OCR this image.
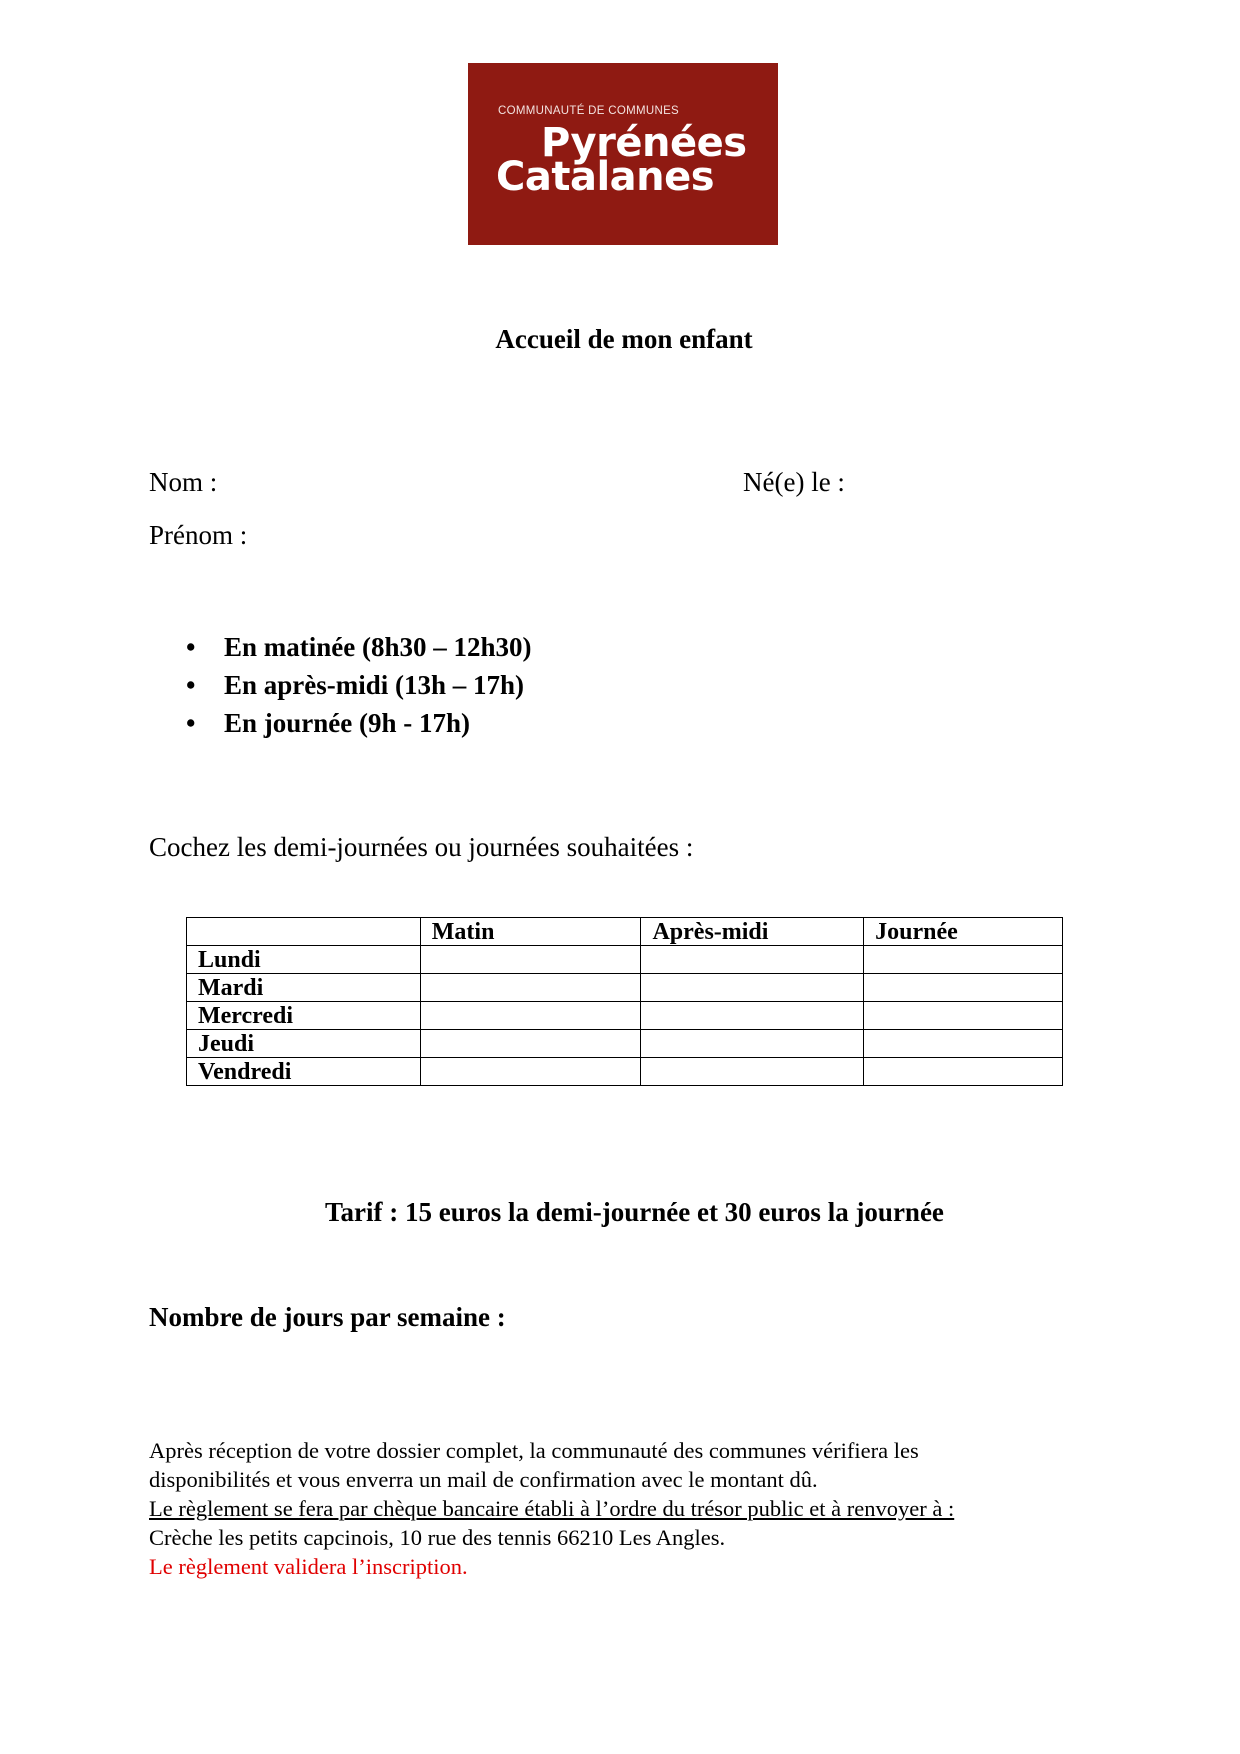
COMMUNAUTÉ DE COMMUNES
Pyrénées
Catalanes
Accueil de mon enfant
Nom :	Né(e) le :
Prénom :
• En matinée (8h30 – 12h30)
• En après-midi (13h – 17h)
• En journée (9h - 17h)
Cochez les demi-journées ou journées souhaitées :
	Matin	Après-midi	Journée
Lundi			
Mardi			
Mercredi			
Jeudi			
Vendredi			
Tarif : 15 euros la demi-journée et 30 euros la journée
Nombre de jours par semaine :
Après réception de votre dossier complet, la communauté des communes vérifiera les
disponibilités et vous enverra un mail de confirmation avec le montant dû.
Le règlement se fera par chèque bancaire établi à l’ordre du trésor public et à renvoyer à :
Crèche les petits capcinois, 10 rue des tennis 66210 Les Angles.
Le règlement validera l’inscription.
